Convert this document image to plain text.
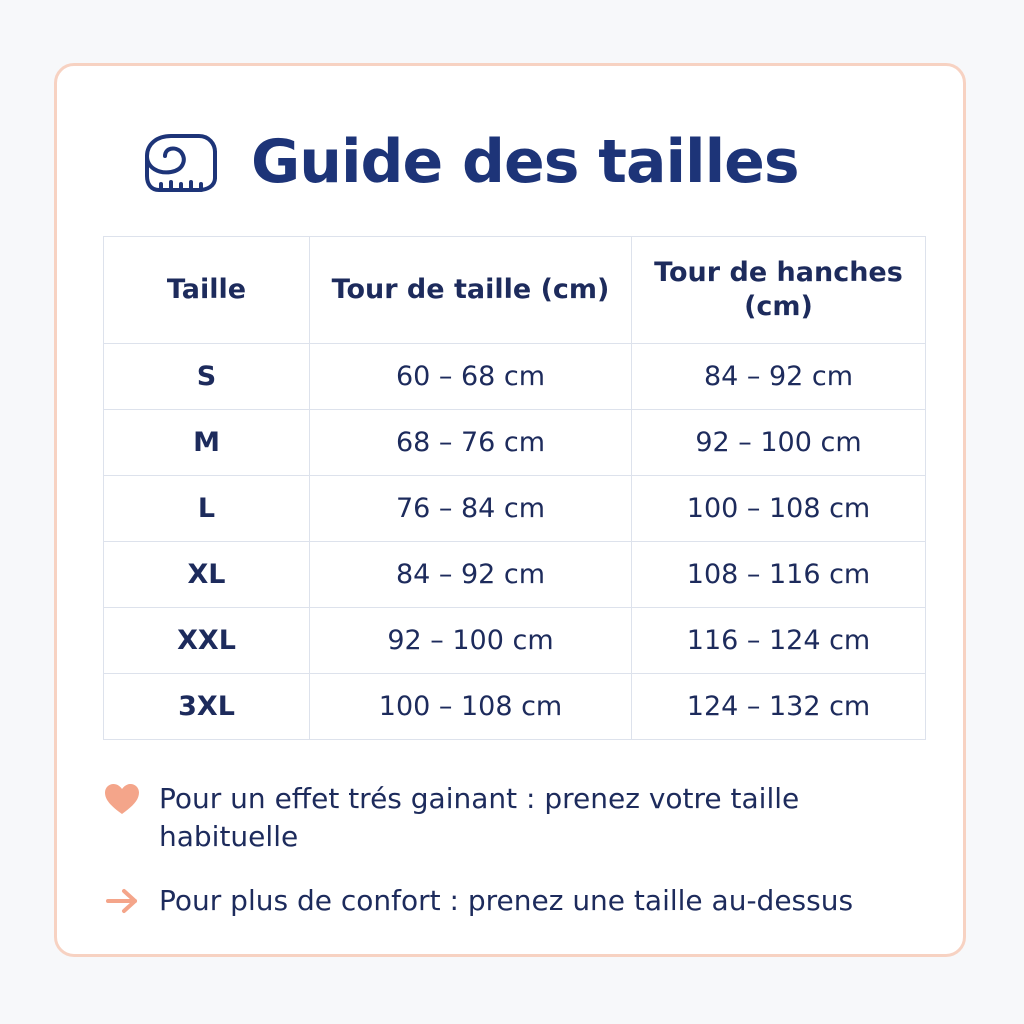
Guide des tailles
Taille	Tour de taille (cm)	Tour de hanches (cm)
S	60 – 68 cm	84 – 92 cm
M	68 – 76 cm	92 – 100 cm
L	76 – 84 cm	100 – 108 cm
XL	84 – 92 cm	108 – 116 cm
XXL	92 – 100 cm	116 – 124 cm
3XL	100 – 108 cm	124 – 132 cm
Pour un effet trés gainant : prenez votre taille habituelle
Pour plus de confort : prenez une taille au-dessus
